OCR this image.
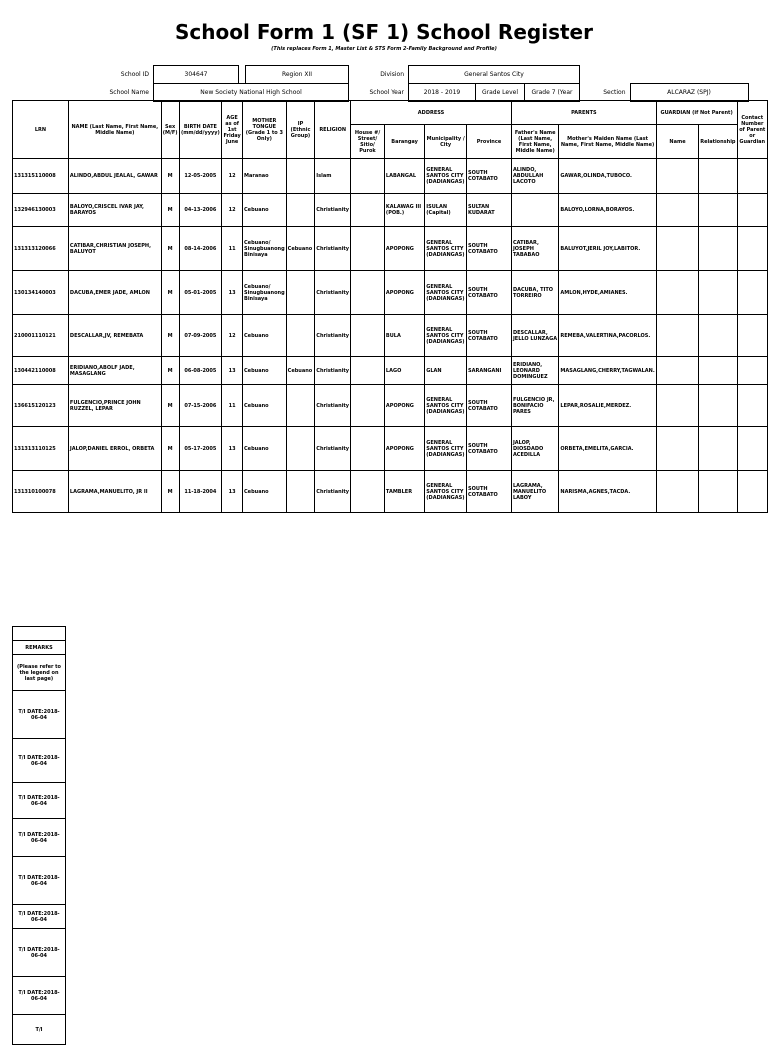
School Form 1 (SF 1) School Register
(This replaces Form 1, Master List & STS Form 2-Family Background and Profile)
School ID	304647		Region XII	Division	General Santos City				
School Name	New Society National High School			School Year	2018 - 2019	Grade Level	Grade 7 (Year	Section	ALCARAZ (SPJ)
LRN	NAME (Last Name, First Name, Middle Name)	Sex (M/F)	BIRTH DATE (mm/dd/yyyy)	AGE as of 1st Friday June	MOTHER TONGUE (Grade 1 to 3 Only)	IP (Ethnic Group)	RELIGION	ADDRESS				PARENTS		GUARDIAN (if Not Parent)		Contact Number of Parent or Guardian
								House #/ Street/ Sitio/ Purok	Barangay	Municipality / City	Province	Father's Name (Last Name, First Name, Middle Name)	Mother's Maiden Name (Last Name, First Name, Middle Name)	Name	Relationship	
131315110008	ALINDO,ABDUL JEALAL, GAWAR	M	12-05-2005	12	Maranao		Islam		LABANGAL	GENERAL SANTOS CITY (DADIANGAS)	SOUTH COTABATO	ALINDO, ABDULLAH LACOTO	GAWAR,OLINDA,TUBOCO.			
132946130003	BALOYO,CRISCEL IVAR JAY, BARAYOS	M	04-13-2006	12	Cebuano		Christianity		KALAWAG III (POB.)	ISULAN (Capital)	SULTAN KUDARAT		BALOYO,LORNA,BORAYOS.			
131313120066	CATIBAR,CHRISTIAN JOSEPH, BALUYOT	M	08-14-2006	11	Cebuano/ Sinugbuanong Binisaya	Cebuano	Christianity		APOPONG	GENERAL SANTOS CITY (DADIANGAS)	SOUTH COTABATO	CATIBAR, JOSEPH TABABAO	BALUYOT,JERIL JOY,LABITOR.			
130134140003	DACUBA,EMER JADE, AMLON	M	05-01-2005	13	Cebuano/ Sinugbuanong Binisaya		Christianity		APOPONG	GENERAL SANTOS CITY (DADIANGAS)	SOUTH COTABATO	DACUBA, TITO TORREIRO	AMLON,HYDE,AMIANES.			
210001110121	DESCALLAR,JV, REMEBATA	M	07-09-2005	12	Cebuano		Christianity		BULA	GENERAL SANTOS CITY (DADIANGAS)	SOUTH COTABATO	DESCALLAR, JELLO LUNZAGA	REMEBA,VALERTINA,PACORLOS.			
130442110008	ERIDIANO,ABOLF JADE, MASAGLANG	M	06-08-2005	13	Cebuano	Cebuano	Christianity		LAGO	GLAN	SARANGANI	ERIDIANO, LEONARD DOMINGUEZ	MASAGLANG,CHERRY,TAGWALAN.			
136615120123	FULGENCIO,PRINCE JOHN RUZZEL, LEPAR	M	07-15-2006	11	Cebuano		Christianity		APOPONG	GENERAL SANTOS CITY (DADIANGAS)	SOUTH COTABATO	FULGENCIO JR, BONIFACIO PARES	LEPAR,ROSALIE,MERDEZ.			
131313110125	JALOP,DANIEL ERROL, ORBETA	M	05-17-2005	13	Cebuano		Christianity		APOPONG	GENERAL SANTOS CITY (DADIANGAS)	SOUTH COTABATO	JALOP, DIOSDADO ACEDILLA	ORBETA,EMELITA,GARCIA.			
131310100078	LAGRAMA,MANUELITO, JR II	M	11-18-2004	13	Cebuano		Christianity		TAMBLER	GENERAL SANTOS CITY (DADIANGAS)	SOUTH COTABATO	LAGRAMA, MANUELITO LABOY	NARISMA,AGNES,TACDA.			

REMARKS
(Please refer to the legend on last page)
T/I DATE:2018-06-04
T/I DATE:2018-06-04
T/I DATE:2018-06-04
T/I DATE:2018-06-04
T/I DATE:2018-06-04
T/I DATE:2018-06-04
T/I DATE:2018-06-04
T/I DATE:2018-06-04
T/I
